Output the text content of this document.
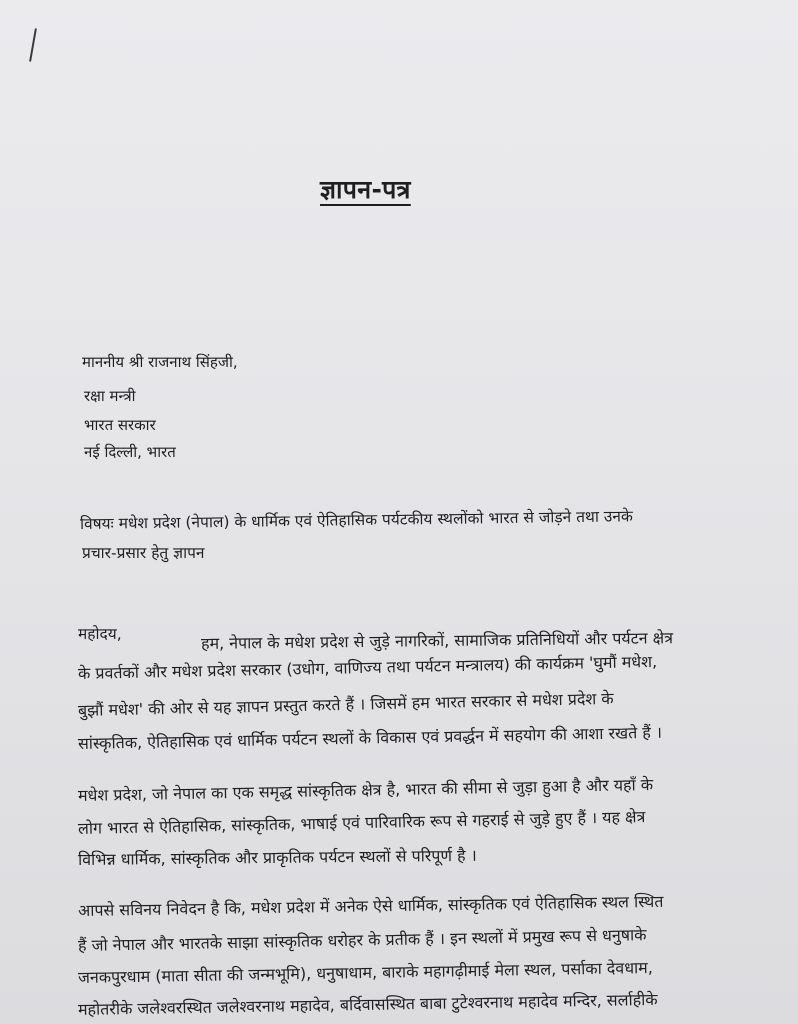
ज्ञापन-पत्र
माननीय श्री राजनाथ सिंहजी,
रक्षा मन्त्री
भारत सरकार
नई दिल्ली, भारत
विषयः मधेश प्रदेश (नेपाल) के धार्मिक एवं ऐतिहासिक पर्यटकीय स्थलोंको भारत से जोड़ने तथा उनके
प्रचार-प्रसार हेतु ज्ञापन
महोदय,	हम, नेपाल के मधेश प्रदेश से जुड़े नागरिकों, सामाजिक प्रतिनिधियों और पर्यटन क्षेत्र
के प्रवर्तकों और मधेश प्रदेश सरकार (उधोग, वाणिज्य तथा पर्यटन मन्त्रालय) की कार्यक्रम 'घुमौं मधेश,
बुझौं मधेश' की ओर से यह ज्ञापन प्रस्तुत करते हैं । जिसमें हम भारत सरकार से मधेश प्रदेश के
सांस्कृतिक, ऐतिहासिक एवं धार्मिक पर्यटन स्थलों के विकास एवं प्रवर्द्धन में सहयोग की आशा रखते हैं ।
मधेश प्रदेश, जो नेपाल का एक समृद्ध सांस्कृतिक क्षेत्र है, भारत की सीमा से जुड़ा हुआ है और यहाँ के
लोग भारत से ऐतिहासिक, सांस्कृतिक, भाषाई एवं पारिवारिक रूप से गहराई से जुड़े हुए हैं । यह क्षेत्र
विभिन्न धार्मिक, सांस्कृतिक और प्राकृतिक पर्यटन स्थलों से परिपूर्ण है ।
आपसे सविनय निवेदन है कि, मधेश प्रदेश में अनेक ऐसे धार्मिक, सांस्कृतिक एवं ऐतिहासिक स्थल स्थित
हैं जो नेपाल और भारतके साझा सांस्कृतिक धरोहर के प्रतीक हैं । इन स्थलों में प्रमुख रूप से धनुषाके
जनकपुरधाम (माता सीता की जन्मभूमि), धनुषाधाम, बाराके महागढ़ीमाई मेला स्थल, पर्साका देवधाम,
महोतरीके जलेश्वरस्थित जलेश्वरनाथ महादेव, बर्दिवासस्थित बाबा टुटेश्वरनाथ महादेव मन्दिर, सर्लाहीके
